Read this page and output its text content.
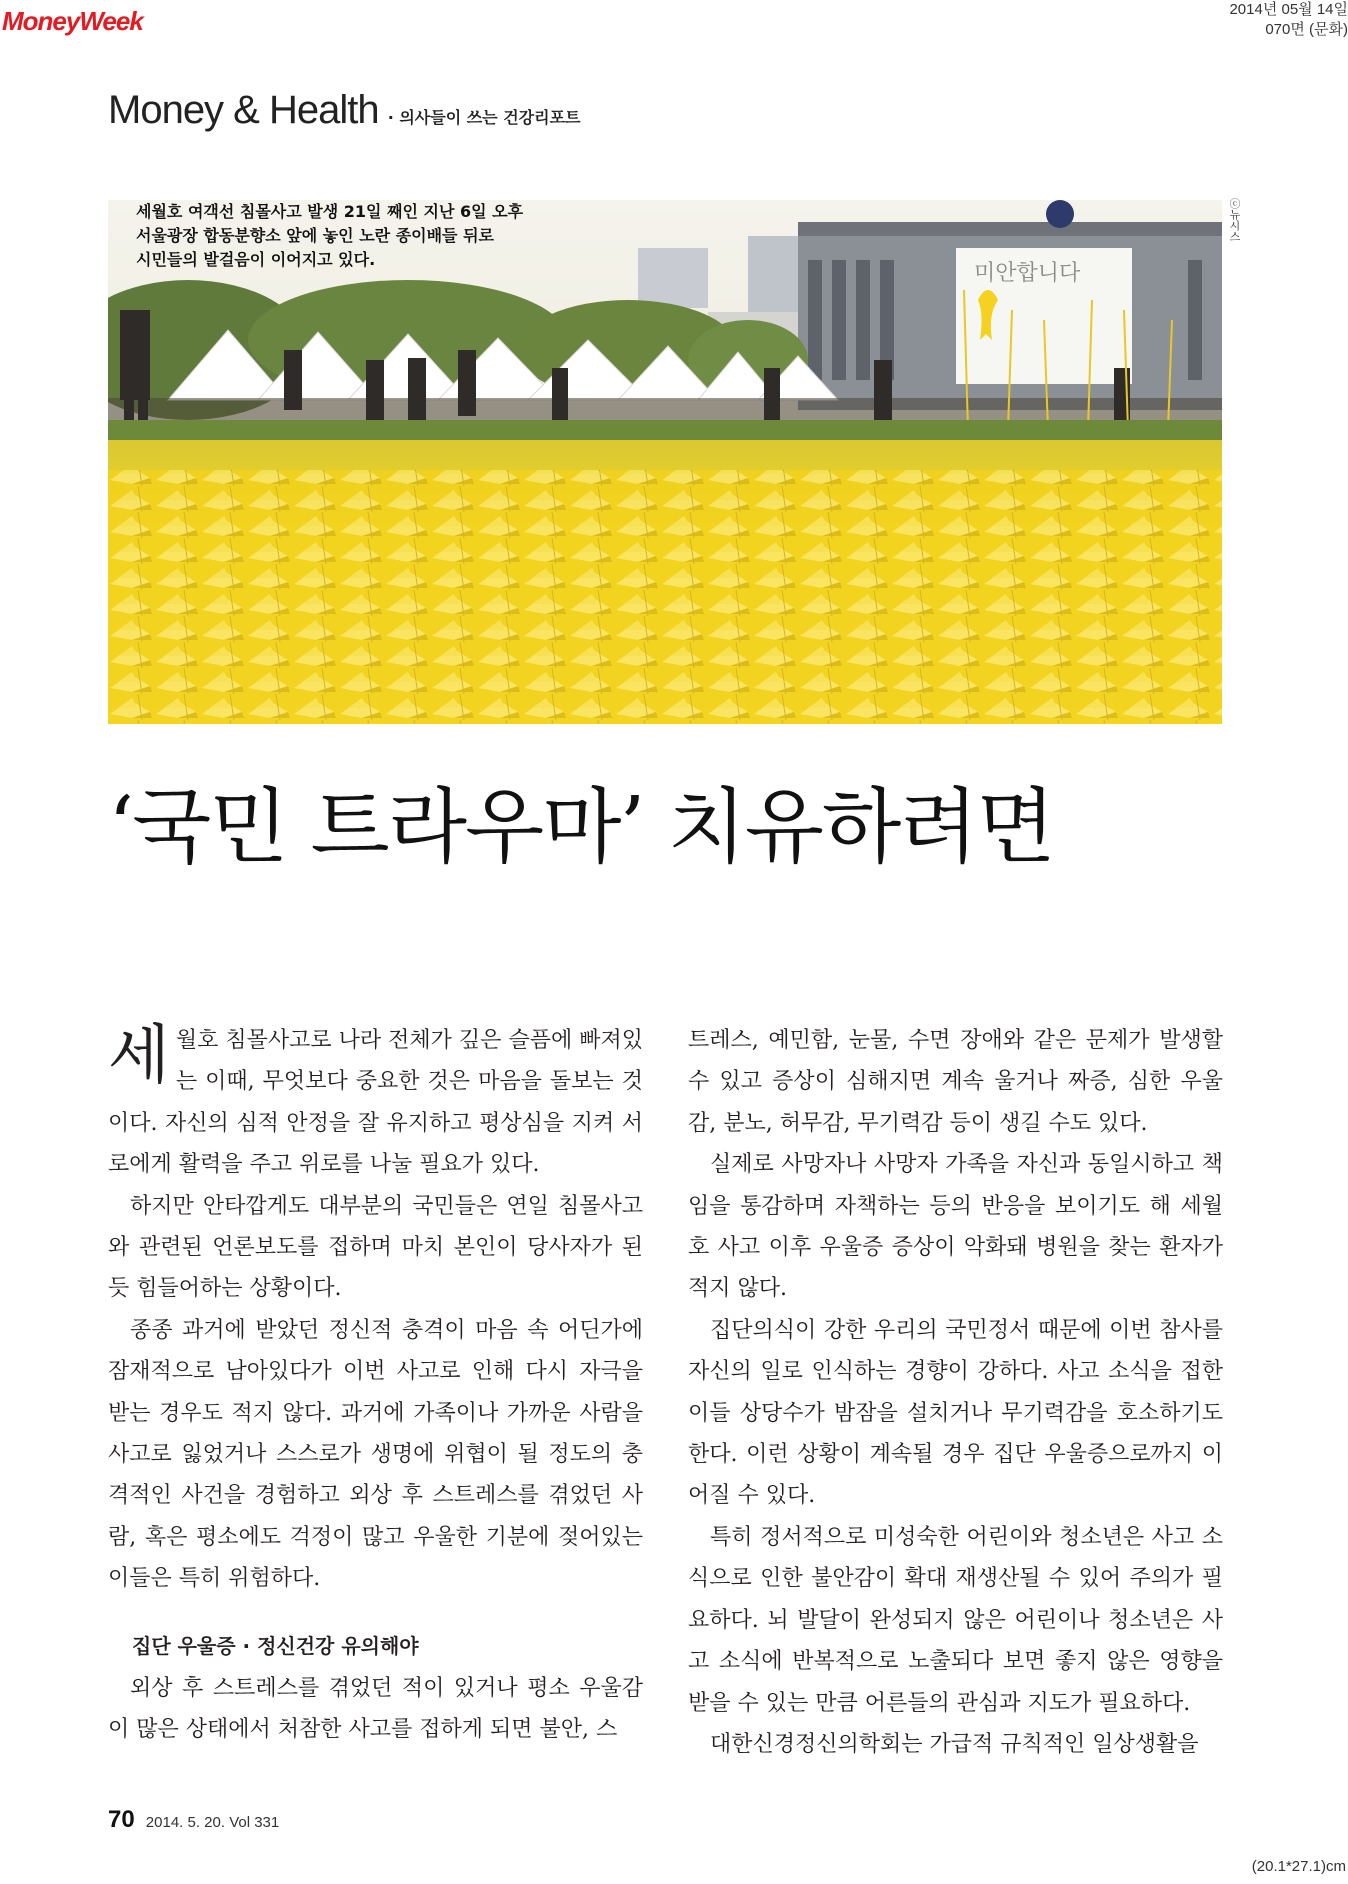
MoneyWeek	2014년 05월 14일
070면 (문화)
Money & Health · 의사들이 쓰는 건강리포트
미안합니다
세월호 여객선 침몰사고 발생 21일 째인 지난 6일 오후
서울광장 합동분향소 앞에 놓인 노란 종이배들 뒤로
시민들의 발걸음이 이어지고 있다.
ⓒ뉴시스
‘국민 트라우마’ 치유하려면

세월호 침몰사고로 나라 전체가 깊은 슬픔에 빠져있는 이때, 무엇보다 중요한 것은 마음을 돌보는 것이다. 자신의 심적 안정을 잘 유지하고 평상심을 지켜 서로에게 활력을 주고 위로를 나눌 필요가 있다.

하지만 안타깝게도 대부분의 국민들은 연일 침몰사고와 관련된 언론보도를 접하며 마치 본인이 당사자가 된 듯 힘들어하는 상황이다.

종종 과거에 받았던 정신적 충격이 마음 속 어딘가에 잠재적으로 남아있다가 이번 사고로 인해 다시 자극을 받는 경우도 적지 않다. 과거에 가족이나 가까운 사람을 사고로 잃었거나 스스로가 생명에 위협이 될 정도의 충격적인 사건을 경험하고 외상 후 스트레스를 겪었던 사람, 혹은 평소에도 걱정이 많고 우울한 기분에 젖어있는 이들은 특히 위험하다.

집단 우울증 · 정신건강 유의해야

외상 후 스트레스를 겪었던 적이 있거나 평소 우울감이 많은 상태에서 처참한 사고를 접하게 되면 불안, 스

트레스, 예민함, 눈물, 수면 장애와 같은 문제가 발생할 수 있고 증상이 심해지면 계속 울거나 짜증, 심한 우울감, 분노, 허무감, 무기력감 등이 생길 수도 있다.

실제로 사망자나 사망자 가족을 자신과 동일시하고 책임을 통감하며 자책하는 등의 반응을 보이기도 해 세월호 사고 이후 우울증 증상이 악화돼 병원을 찾는 환자가 적지 않다.

집단의식이 강한 우리의 국민정서 때문에 이번 참사를 자신의 일로 인식하는 경향이 강하다. 사고 소식을 접한 이들 상당수가 밤잠을 설치거나 무기력감을 호소하기도 한다. 이런 상황이 계속될 경우 집단 우울증으로까지 이어질 수 있다.

특히 정서적으로 미성숙한 어린이와 청소년은 사고 소식으로 인한 불안감이 확대 재생산될 수 있어 주의가 필요하다. 뇌 발달이 완성되지 않은 어린이나 청소년은 사고 소식에 반복적으로 노출되다 보면 좋지 않은 영향을 받을 수 있는 만큼 어른들의 관심과 지도가 필요하다.

대한신경정신의학회는 가급적 규칙적인 일상생활을

70 2014. 5. 20. Vol 331
(20.1*27.1)cm
